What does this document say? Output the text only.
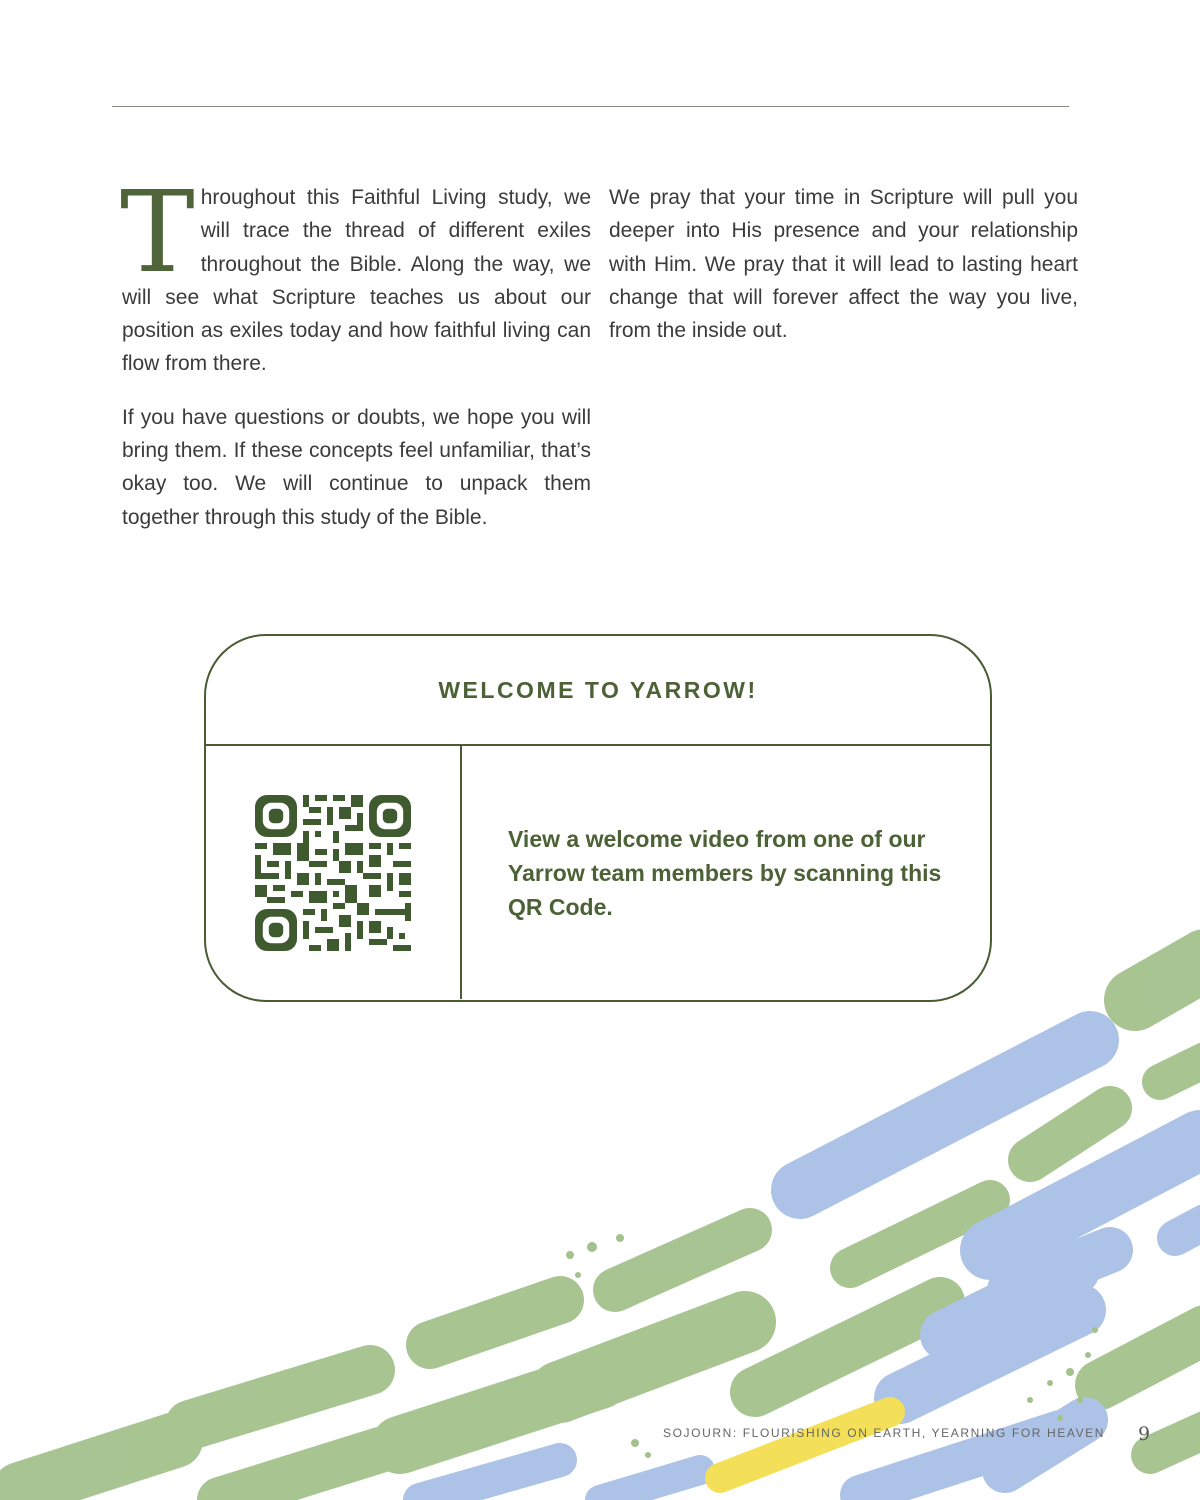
Throughout this Faithful Living study, we will trace the thread of different exiles throughout the Bible. Along the way, we will see what Scripture teaches us about our position as exiles today and how faithful living can flow from there.

If you have questions or doubts, we hope you will bring them. If these concepts feel unfamiliar, that’s okay too. We will continue to unpack them together through this study of the Bible.

We pray that your time in Scripture will pull you deeper into His presence and your relationship with Him. We pray that it will lead to lasting heart change that will forever affect the way you live, from the inside out.

WELCOME TO YARROW!
View a welcome video from one of our Yarrow team members by scanning this QR Code.
SOJOURN: FLOURISHING ON EARTH, YEARNING FOR HEAVEN 9
